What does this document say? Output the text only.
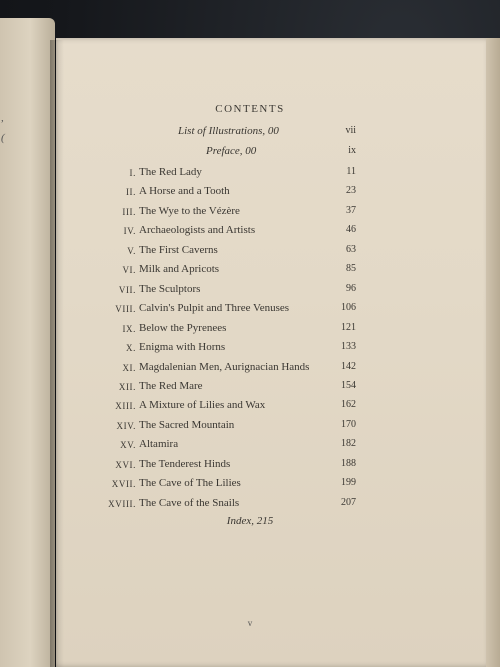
,
(
CONTENTS
List of Illustrations, 00	vii
Preface, 00	ix
I. The Red Lady	11
II. A Horse and a Tooth	23
III. The Wye to the Vézère	37
IV. Archaeologists and Artists	46
V. The First Caverns	63
VI. Milk and Apricots	85
VII. The Sculptors	96
VIII. Calvin's Pulpit and Three Venuses	106
IX. Below the Pyrenees	121
X. Enigma with Horns	133
XI. Magdalenian Men, Aurignacian Hands	142
XII. The Red Mare	154
XIII. A Mixture of Lilies and Wax	162
XIV. The Sacred Mountain	170
XV. Altamira	182
XVI. The Tenderest Hinds	188
XVII. The Cave of The Lilies	199
XVIII. The Cave of the Snails	207
Index, 215
v
